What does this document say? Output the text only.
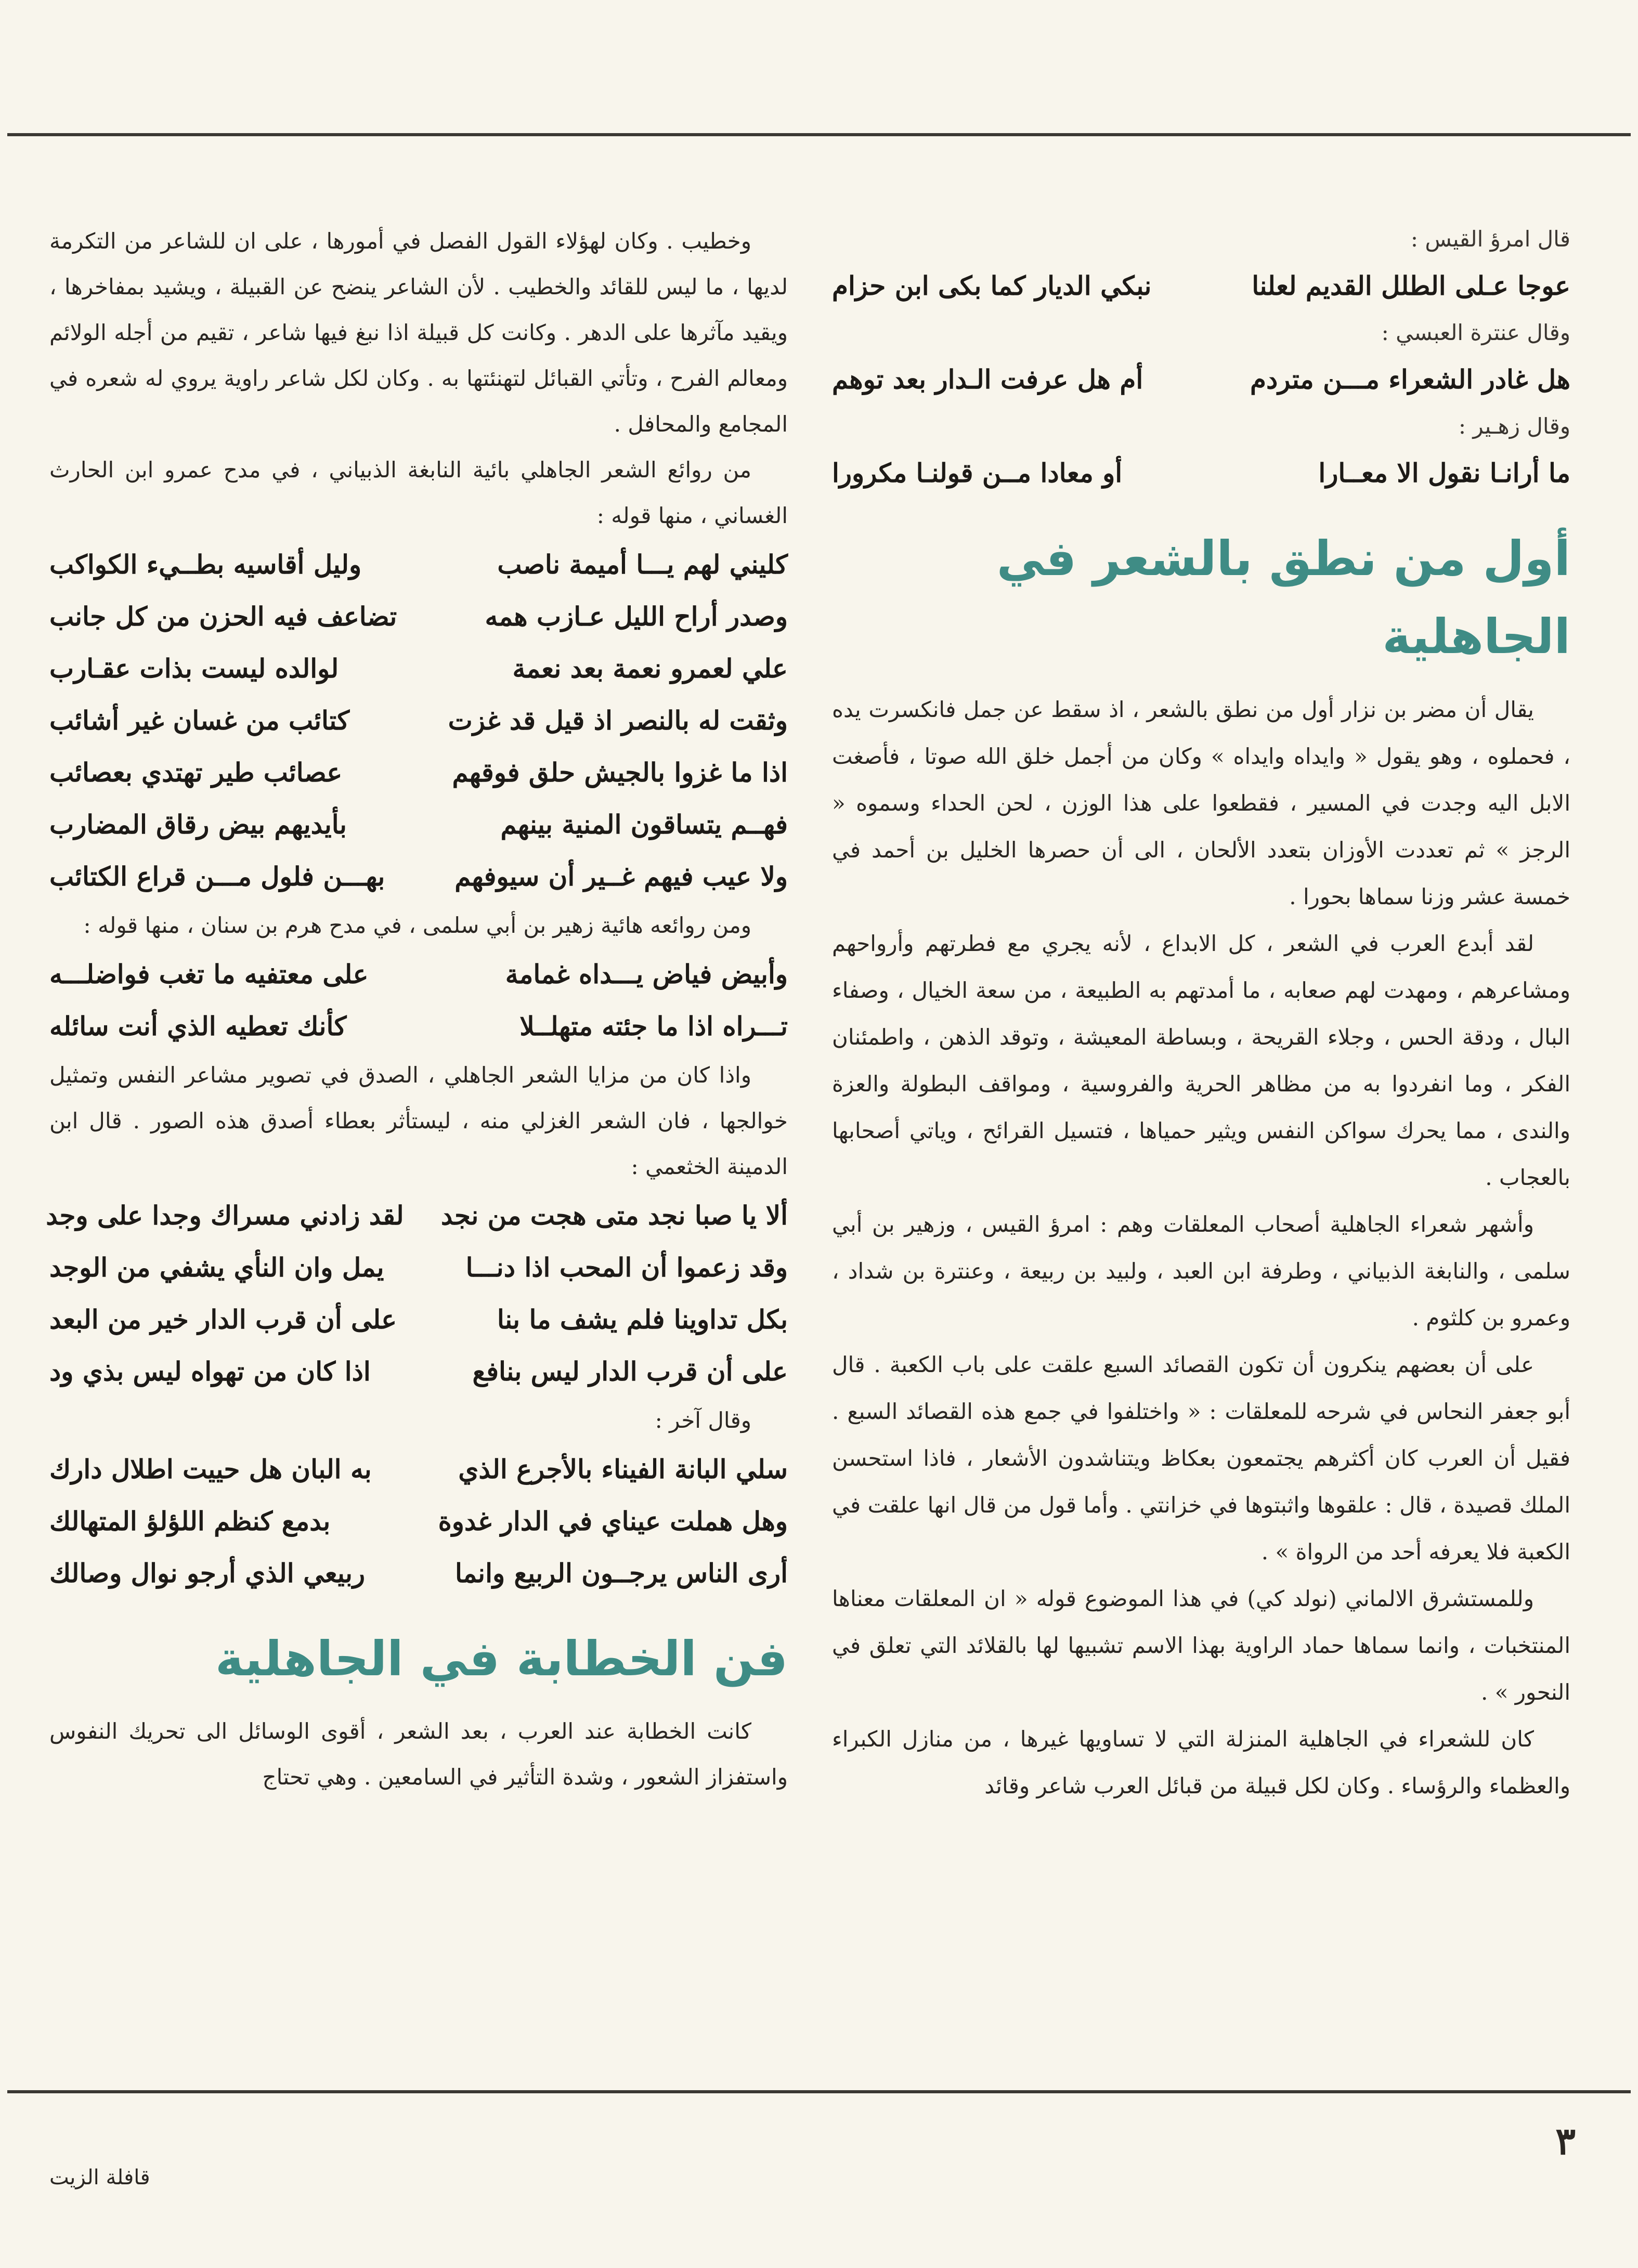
قال امرؤ القيس :
عوجا عـلى الطلل القديم لعلنا
نبكي الديار كما بكى ابن حزام
وقال عنترة العبسي :
هل غادر الشعراء مـــن متردم
أم هل عرفت الـدار بعد توهم
وقال زهـير :
ما أرانـا نقول الا معــارا
أو معادا مــن قولنـا مكرورا
أول من نطق بالشعر في الجاهلية

يقال أن مضر بن نزار أول من نطق بالشعر ، اذ سقط عن جمل فانكسرت يده ، فحملوه ، وهو يقول « وايداه وايداه » وكان من أجمل خلق الله صوتا ، فأصغت الابل اليه وجدت في المسير ، فقطعوا على هذا الوزن ، لحن الحداء وسموه « الرجز » ثم تعددت الأوزان بتعدد الألحان ، الى أن حصرها الخليل بن أحمد في خمسة عشر وزنا سماها بحورا .

لقد أبدع العرب في الشعر ، كل الابداع ، لأنه يجري مع فطرتهم وأرواحهم ومشاعرهم ، ومهدت لهم صعابه ، ما أمدتهم به الطبيعة ، من سعة الخيال ، وصفاء البال ، ودقة الحس ، وجلاء القريحة ، وبساطة المعيشة ، وتوقد الذهن ، واطمئنان الفكر ، وما انفردوا به من مظاهر الحرية والفروسية ، ومواقف البطولة والعزة والندى ، مما يحرك سواكن النفس ويثير حمياها ، فتسيل القرائح ، وياتي أصحابها بالعجاب .

وأشهر شعراء الجاهلية أصحاب المعلقات وهم : امرؤ القيس ، وزهير بن أبي سلمى ، والنابغة الذبياني ، وطرفة ابن العبد ، ولبيد بن ربيعة ، وعنترة بن شداد ، وعمرو بن كلثوم .

على أن بعضهم ينكرون أن تكون القصائد السبع علقت على باب الكعبة . قال أبو جعفر النحاس في شرحه للمعلقات : « واختلفوا في جمع هذه القصائد السبع . فقيل أن العرب كان أكثرهم يجتمعون بعكاظ ويتناشدون الأشعار ، فاذا استحسن الملك قصيدة ، قال : علقوها واثبتوها في خزانتي . وأما قول من قال انها علقت في الكعبة فلا يعرفه أحد من الرواة » .

وللمستشرق الالماني (نولد كي) في هذا الموضوع قوله « ان المعلقات معناها المنتخبات ، وانما سماها حماد الراوية بهذا الاسم تشبيها لها بالقلائد التي تعلق في النحور » .

كان للشعراء في الجاهلية المنزلة التي لا تساويها غيرها ، من منازل الكبراء والعظماء والرؤساء . وكان لكل قبيلة من قبائل العرب شاعر وقائد

وخطيب . وكان لهؤلاء القول الفصل في أمورها ، على ان للشاعر من التكرمة لديها ، ما ليس للقائد والخطيب . لأن الشاعر ينضح عن القبيلة ، ويشيد بمفاخرها ، ويقيد مآثرها على الدهر . وكانت كل قبيلة اذا نبغ فيها شاعر ، تقيم من أجله الولائم ومعالم الفرح ، وتأتي القبائل لتهنئتها به . وكان لكل شاعر راوية يروي له شعره في المجامع والمحافل .

من روائع الشعر الجاهلي بائية النابغة الذبياني ، في مدح عمرو ابن الحارث الغساني ، منها قوله :

كليني لهم يـــا أميمة ناصب
وليل أقاسيه بطــيء الكواكب
وصدر أراح الليل عـازب همه
تضاعف فيه الحزن من كل جانب
علي لعمرو نعمة بعد نعمة
لوالده ليست بذات عقـارب
وثقت له بالنصر اذ قيل قد غزت
كتائب من غسان غير أشائب
اذا ما غزوا بالجيش حلق فوقهم
عصائب طير تهتدي بعصائب
فهــم يتساقون المنية بينهم
بأيديهم بيض رقاق المضارب
ولا عيب فيهم غــير أن سيوفهم
بهـــن فلول مـــن قراع الكتائب

ومن روائعه هائية زهير بن أبي سلمى ، في مدح هرم بن سنان ، منها قوله :

وأبيض فياض يـــداه غمامة
على معتفيه ما تغب فواضلـــه
تـــراه اذا ما جئته متهلــلا
كأنك تعطيه الذي أنت سائله

واذا كان من مزايا الشعر الجاهلي ، الصدق في تصوير مشاعر النفس وتمثيل خوالجها ، فان الشعر الغزلي منه ، ليستأثر بعطاء أصدق هذه الصور . قال ابن الدمينة الخثعمي :

ألا يا صبا نجد متى هجت من نجد
لقد زادني مسراك وجدا على وجد
وقد زعموا أن المحب اذا دنـــا
يمل وان النأي يشفي من الوجد
بكل تداوينا فلم يشف ما بنا
على أن قرب الدار خير من البعد
على أن قرب الدار ليس بنافع
اذا كان من تهواه ليس بذي ود

وقال آخر :

سلي البانة الفيناء بالأجرع الذي
به البان هل حييت اطلال دارك
وهل هملت عيناي في الدار غدوة
بدمع كنظم اللؤلؤ المتهالك
أرى الناس يرجــون الربيع وانما
ربيعي الذي أرجو نوال وصالك
فن الخطابة في الجاهلية

كانت الخطابة عند العرب ، بعد الشعر ، أقوى الوسائل الى تحريك النفوس واستفزاز الشعور ، وشدة التأثير في السامعين . وهي تحتاج

٣
قافلة الزيت
